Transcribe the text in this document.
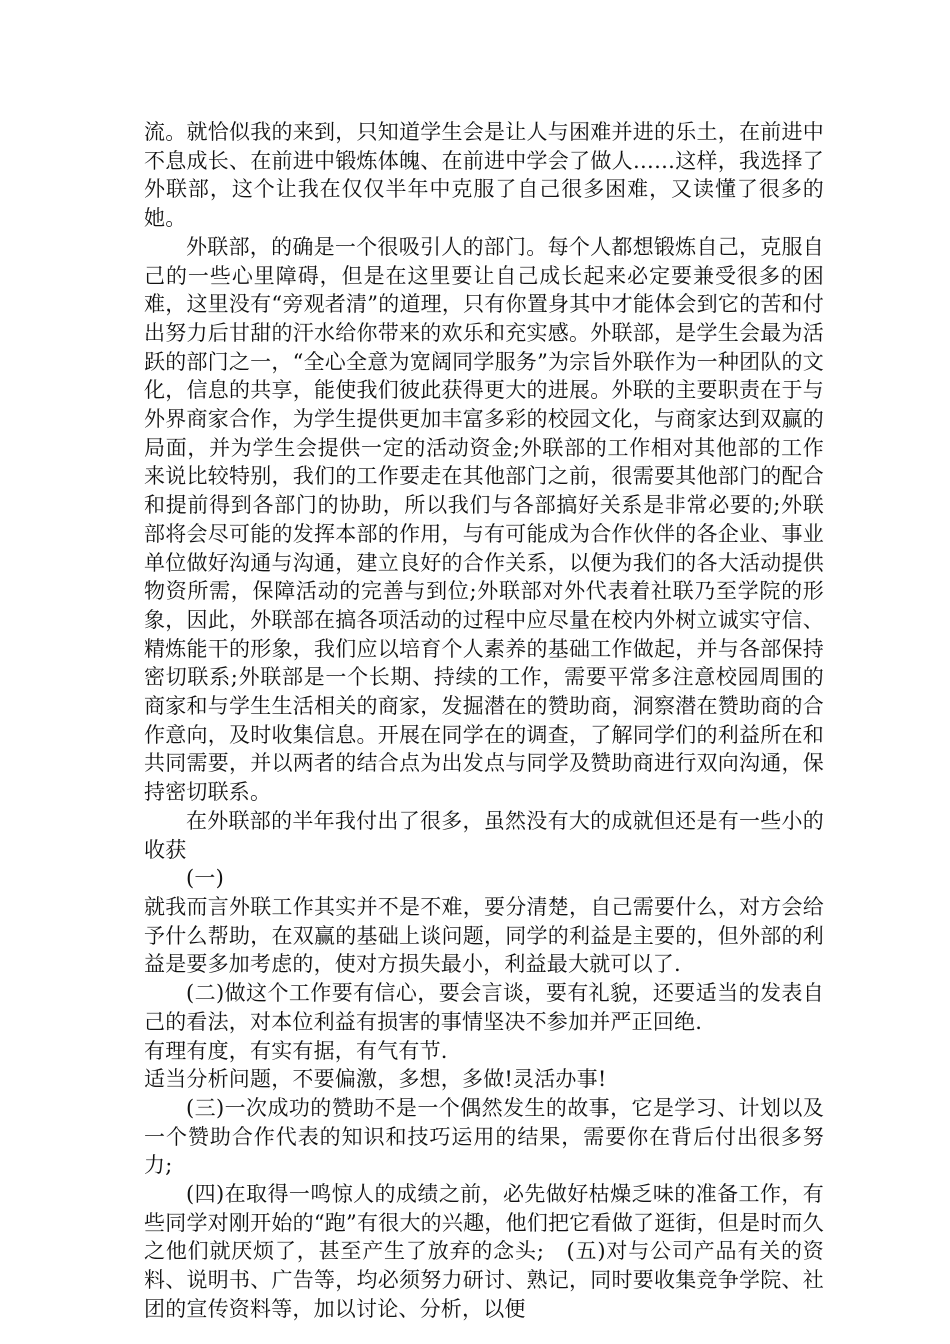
流。就恰似我的来到，只知道学生会是让人与困难并进的乐土，在前进中不息成长、在前进中锻炼体魄、在前进中学会了做人……这样，我选择了外联部，这个让我在仅仅半年中克服了自己很多困难，又读懂了很多的她。

外联部，的确是一个很吸引人的部门。每个人都想锻炼自己，克服自己的一些心里障碍，但是在这里要让自己成长起来必定要兼受很多的困难，这里没有“旁观者清”的道理，只有你置身其中才能体会到它的苦和付出努力后甘甜的汗水给你带来的欢乐和充实感。外联部，是学生会最为活跃的部门之一，“全心全意为宽阔同学服务”为宗旨外联作为一种团队的文化，信息的共享，能使我们彼此获得更大的进展。外联的主要职责在于与外界商家合作，为学生提供更加丰富多彩的校园文化，与商家达到双赢的局面，并为学生会提供一定的活动资金;外联部的工作相对其他部的工作来说比较特别，我们的工作要走在其他部门之前，很需要其他部门的配合和提前得到各部门的协助，所以我们与各部搞好关系是非常必要的;外联部将会尽可能的发挥本部的作用，与有可能成为合作伙伴的各企业、事业单位做好沟通与沟通，建立良好的合作关系，以便为我们的各大活动提供物资所需，保障活动的完善与到位;外联部对外代表着社联乃至学院的形象，因此，外联部在搞各项活动的过程中应尽量在校内外树立诚实守信、精炼能干的形象，我们应以培育个人素养的基础工作做起，并与各部保持密切联系;外联部是一个长期、持续的工作，需要平常多注意校园周围的商家和与学生生活相关的商家，发掘潜在的赞助商，洞察潜在赞助商的合作意向，及时收集信息。开展在同学在的调查，了解同学们的利益所在和共同需要，并以两者的结合点为出发点与同学及赞助商进行双向沟通，保持密切联系。

在外联部的半年我付出了很多，虽然没有大的成就但还是有一些小的收获

(一)

就我而言外联工作其实并不是不难，要分清楚，自己需要什么，对方会给予什么帮助，在双赢的基础上谈问题，同学的利益是主要的，但外部的利益是要多加考虑的，使对方损失最小，利益最大就可以了.

(二)做这个工作要有信心，要会言谈，要有礼貌，还要适当的发表自己的看法，对本位利益有损害的事情坚决不参加并严正回绝.

有理有度，有实有据，有气有节.

适当分析问题，不要偏激，多想，多做!灵活办事!

(三)一次成功的赞助不是一个偶然发生的故事，它是学习、计划以及一个赞助合作代表的知识和技巧运用的结果，需要你在背后付出很多努力;

(四)在取得一鸣惊人的成绩之前，必先做好枯燥乏味的准备工作，有些同学对刚开始的“跑”有很大的兴趣，他们把它看做了逛街，但是时而久之他们就厌烦了，甚至产生了放弃的念头;　(五)对与公司产品有关的资料、说明书、广告等，均必须努力研讨、熟记，同时要收集竞争学院、社团的宣传资料等，加以讨论、分析，以便
